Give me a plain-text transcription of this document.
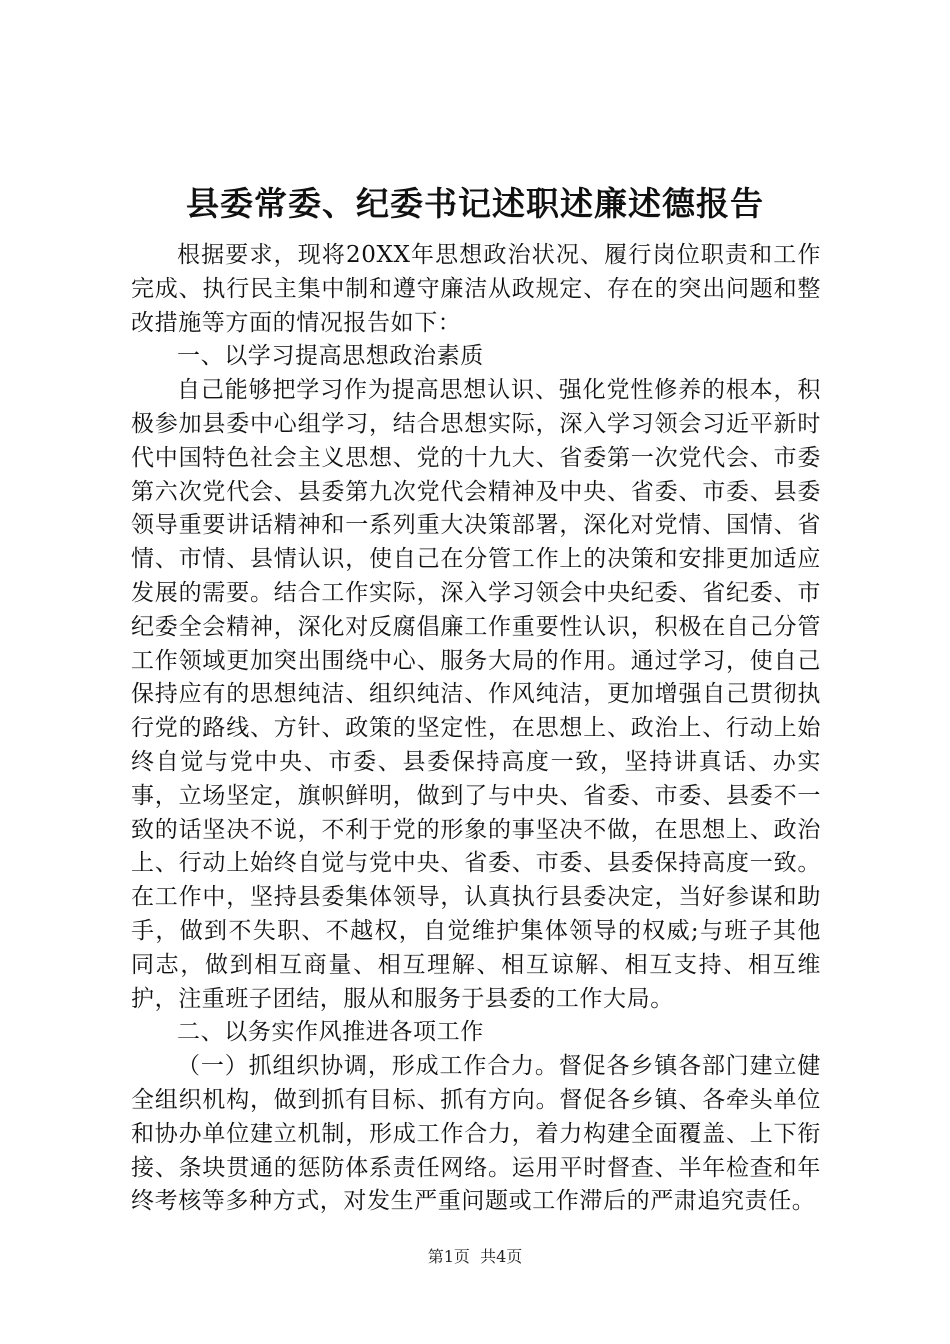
县委常委、纪委书记述职述廉述德报告

根据要求，现将20XX年思想政治状况、履行岗位职责和工作完成、执行民主集中制和遵守廉洁从政规定、存在的突出问题和整改措施等方面的情况报告如下：

一、以学习提高思想政治素质

自己能够把学习作为提高思想认识、强化党性修养的根本，积极参加县委中心组学习，结合思想实际，深入学习领会习近平新时代中国特色社会主义思想、党的十九大、省委第一次党代会、市委第六次党代会、县委第九次党代会精神及中央、省委、市委、县委领导重要讲话精神和一系列重大决策部署，深化对党情、国情、省情、市情、县情认识，使自己在分管工作上的决策和安排更加适应发展的需要。结合工作实际，深入学习领会中央纪委、省纪委、市纪委全会精神，深化对反腐倡廉工作重要性认识，积极在自己分管工作领域更加突出围绕中心、服务大局的作用。通过学习，使自己保持应有的思想纯洁、组织纯洁、作风纯洁，更加增强自己贯彻执行党的路线、方针、政策的坚定性，在思想上、政治上、行动上始终自觉与党中央、市委、县委保持高度一致，坚持讲真话、办实事，立场坚定，旗帜鲜明，做到了与中央、省委、市委、县委不一致的话坚决不说，不利于党的形象的事坚决不做，在思想上、政治上、行动上始终自觉与党中央、省委、市委、县委保持高度一致。在工作中，坚持县委集体领导，认真执行县委决定，当好参谋和助手，做到不失职、不越权，自觉维护集体领导的权威;与班子其他同志，做到相互商量、相互理解、相互谅解、相互支持、相互维护，注重班子团结，服从和服务于县委的工作大局。

二、以务实作风推进各项工作

（一）抓组织协调，形成工作合力。督促各乡镇各部门建立健全组织机构，做到抓有目标、抓有方向。督促各乡镇、各牵头单位和协办单位建立机制，形成工作合力，着力构建全面覆盖、上下衔接、条块贯通的惩防体系责任网络。运用平时督查、半年检查和年终考核等多种方式，对发生严重问题或工作滞后的严肃追究责任。

第1页 共4页
